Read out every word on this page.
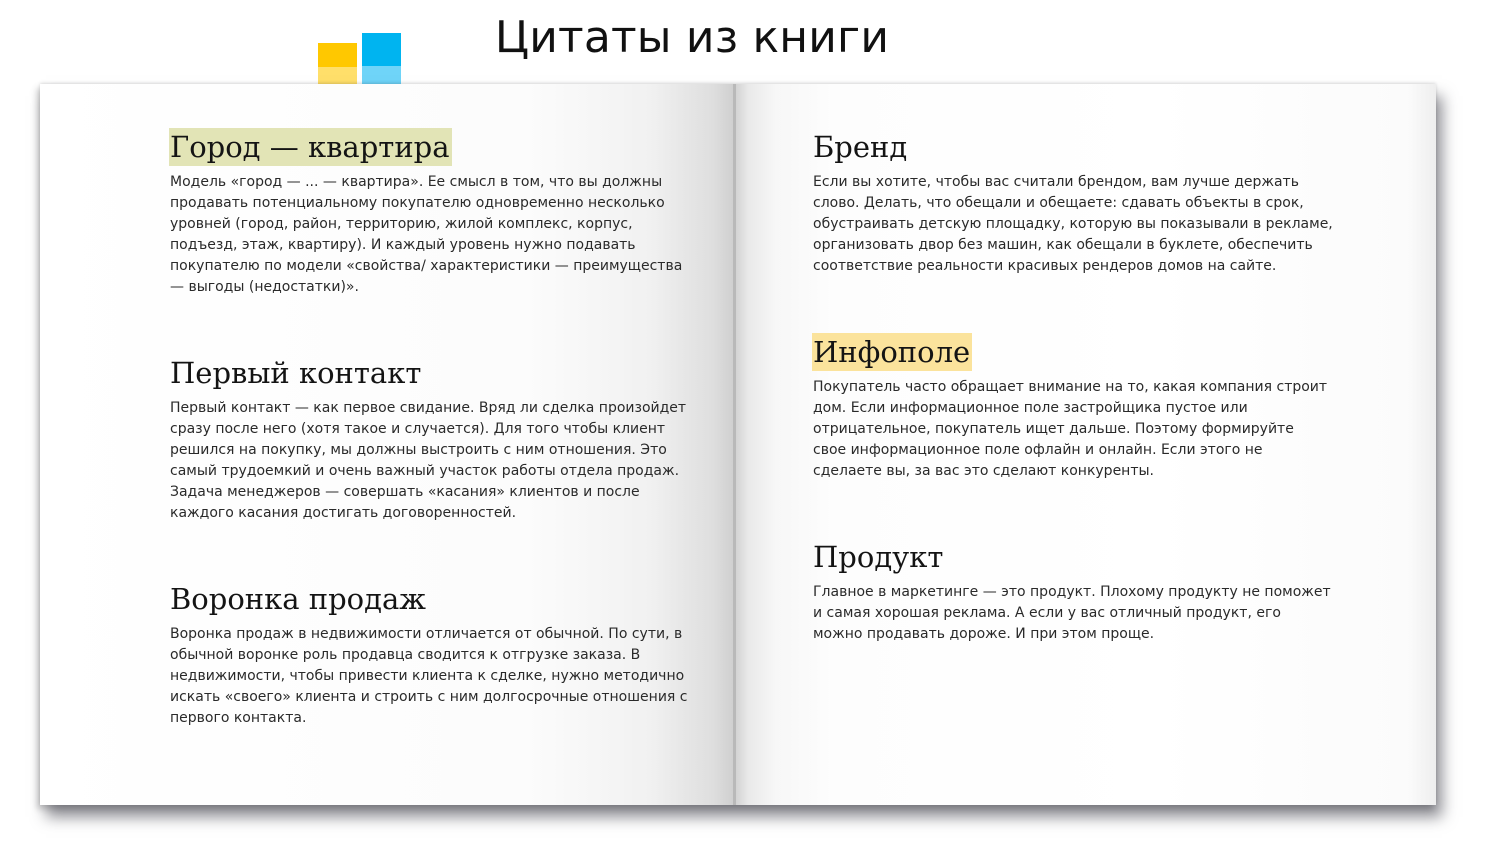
Цитаты из книги
Город — квартира
Модель «город — ... — квартира». Ее смысл в том, что вы должны
продавать потенциальному покупателю одновременно несколько
уровней (город, район, территорию, жилой комплекс, корпус,
подъезд, этаж, квартиру). И каждый уровень нужно подавать
покупателю по модели «свойства/ характеристики — преимущества
— выгоды (недостатки)».
Первый контакт
Первый контакт — как первое свидание. Вряд ли сделка произойдет
сразу после него (хотя такое и случается). Для того чтобы клиент
решился на покупку, мы должны выстроить с ним отношения. Это
самый трудоемкий и очень важный участок работы отдела продаж.
Задача менеджеров — совершать «касания» клиентов и после
каждого касания достигать договоренностей.
Воронка продаж
Воронка продаж в недвижимости отличается от обычной. По сути, в
обычной воронке роль продавца сводится к отгрузке заказа. В
недвижимости, чтобы привести клиента к сделке, нужно методично
искать «своего» клиента и строить с ним долгосрочные отношения с
первого контакта.
Бренд
Если вы хотите, чтобы вас считали брендом, вам лучше держать
слово. Делать, что обещали и обещаете: сдавать объекты в срок,
обустраивать детскую площадку, которую вы показывали в рекламе,
организовать двор без машин, как обещали в буклете, обеспечить
соответствие реальности красивых рендеров домов на сайте.
Инфополе
Покупатель часто обращает внимание на то, какая компания строит
дом. Если информационное поле застройщика пустое или
отрицательное, покупатель ищет дальше. Поэтому формируйте
свое информационное поле офлайн и онлайн. Если этого не
сделаете вы, за вас это сделают конкуренты.
Продукт
Главное в маркетинге — это продукт. Плохому продукту не поможет
и самая хорошая реклама. А если у вас отличный продукт, его
можно продавать дороже. И при этом проще.
